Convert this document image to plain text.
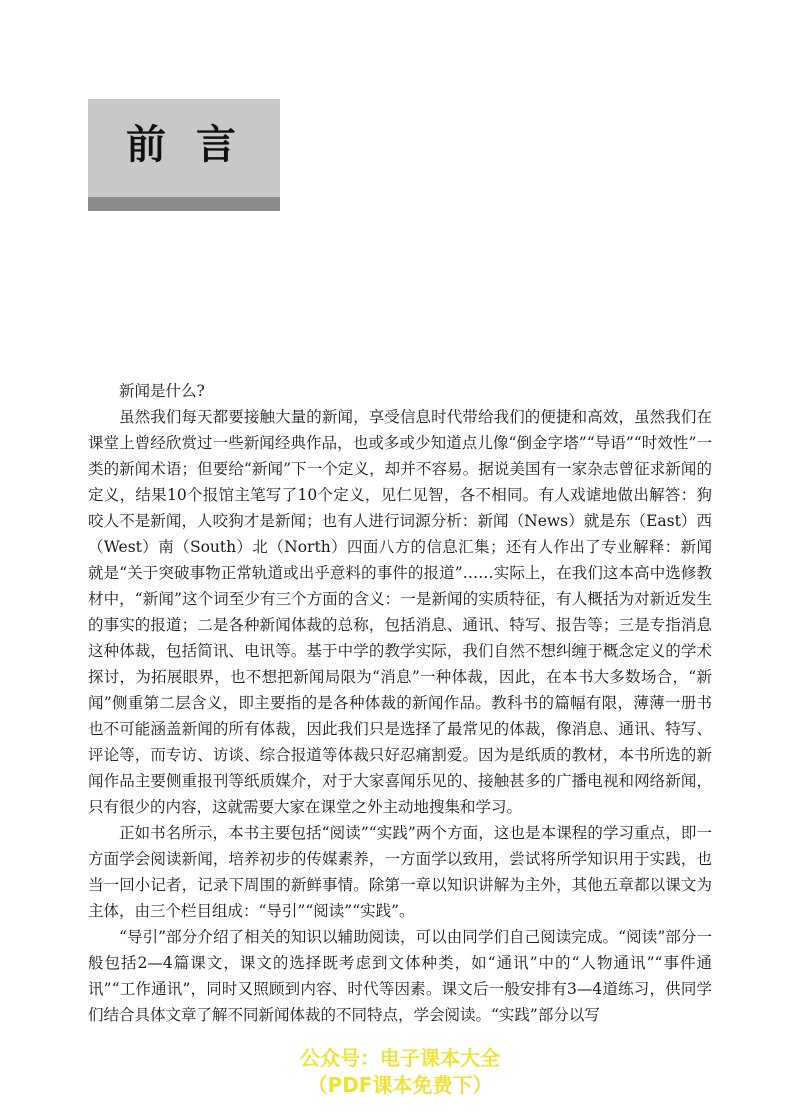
前言

新闻是什么?

虽然我们每天都要接触大量的新闻，享受信息时代带给我们的便捷和高效，虽然我们在课堂上曾经欣赏过一些新闻经典作品，也或多或少知道点儿像“倒金字塔”“导语”“时效性”一类的新闻术语；但要给“新闻”下一个定义，却并不容易。据说美国有一家杂志曾征求新闻的定义，结果10个报馆主笔写了10个定义，见仁见智，各不相同。有人戏谑地做出解答：狗咬人不是新闻，人咬狗才是新闻；也有人进行词源分析：新闻（News）就是东（East）西（West）南（South）北（North）四面八方的信息汇集；还有人作出了专业解释：新闻就是“关于突破事物正常轨道或出乎意料的事件的报道”……实际上，在我们这本高中选修教材中，“新闻”这个词至少有三个方面的含义：一是新闻的实质特征，有人概括为对新近发生的事实的报道；二是各种新闻体裁的总称，包括消息、通讯、特写、报告等；三是专指消息这种体裁，包括简讯、电讯等。基于中学的教学实际，我们自然不想纠缠于概念定义的学术探讨，为拓展眼界，也不想把新闻局限为“消息”一种体裁，因此，在本书大多数场合，“新闻”侧重第二层含义，即主要指的是各种体裁的新闻作品。教科书的篇幅有限，薄薄一册书也不可能涵盖新闻的所有体裁，因此我们只是选择了最常见的体裁，像消息、通讯、特写、评论等，而专访、访谈、综合报道等体裁只好忍痛割爱。因为是纸质的教材，本书所选的新闻作品主要侧重报刊等纸质媒介，对于大家喜闻乐见的、接触甚多的广播电视和网络新闻，只有很少的内容，这就需要大家在课堂之外主动地搜集和学习。

正如书名所示，本书主要包括“阅读”“实践”两个方面，这也是本课程的学习重点，即一方面学会阅读新闻，培养初步的传媒素养，一方面学以致用，尝试将所学知识用于实践，也当一回小记者，记录下周围的新鲜事情。除第一章以知识讲解为主外，其他五章都以课文为主体，由三个栏目组成：“导引”“阅读”“实践”。

“导引”部分介绍了相关的知识以辅助阅读，可以由同学们自己阅读完成。“阅读”部分一般包括2—4篇课文，课文的选择既考虑到文体种类，如“通讯”中的“人物通讯”“事件通讯”“工作通讯”，同时又照顾到内容、时代等因素。课文后一般安排有3—4道练习，供同学们结合具体文章了解不同新闻体裁的不同特点，学会阅读。“实践”部分以写

公众号：电子课本大全
（PDF课本免费下）
